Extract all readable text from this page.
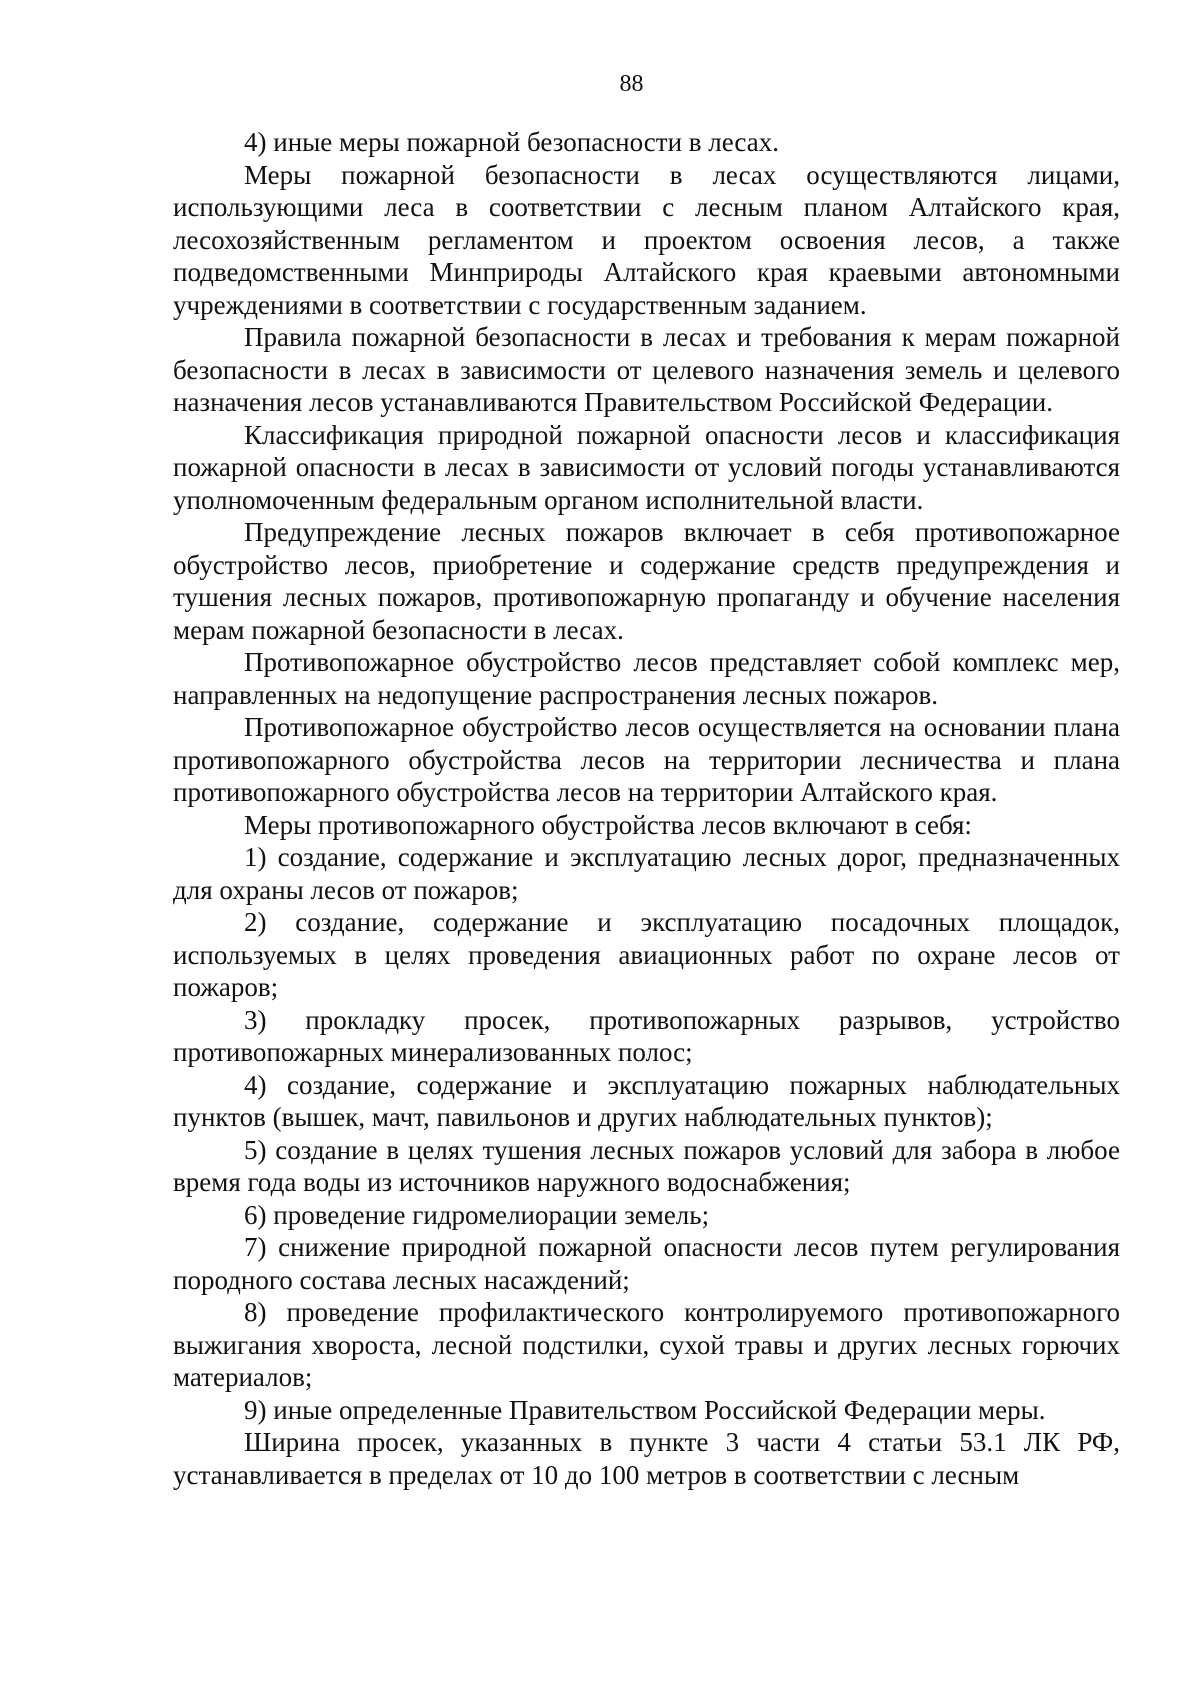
88

4) иные меры пожарной безопасности в лесах.

Меры пожарной безопасности в лесах осуществляются лицами, использующими леса в соответствии с лесным планом Алтайского края, лесохозяйственным регламентом и проектом освоения лесов, а также подведомственными Минприроды Алтайского края краевыми автономными учреждениями в соответствии с государственным заданием.

Правила пожарной безопасности в лесах и требования к мерам пожарной безопасности в лесах в зависимости от целевого назначения земель и целевого назначения лесов устанавливаются Правительством Российской Федерации.

Классификация природной пожарной опасности лесов и классификация пожарной опасности в лесах в зависимости от условий погоды устанавливаются уполномоченным федеральным органом исполнительной власти.

Предупреждение лесных пожаров включает в себя противопожарное обустройство лесов, приобретение и содержание средств предупреждения и тушения лесных пожаров, противопожарную пропаганду и обучение населения мерам пожарной безопасности в лесах.

Противопожарное обустройство лесов представляет собой комплекс мер, направленных на недопущение распространения лесных пожаров.

Противопожарное обустройство лесов осуществляется на основании плана противопожарного обустройства лесов на территории лесничества и плана противопожарного обустройства лесов на территории Алтайского края.

Меры противопожарного обустройства лесов включают в себя:

1) создание, содержание и эксплуатацию лесных дорог, предназначенных для охраны лесов от пожаров;

2) создание, содержание и эксплуатацию посадочных площадок, используемых в целях проведения авиационных работ по охране лесов от пожаров;

3) прокладку просек, противопожарных разрывов, устройство противопожарных минерализованных полос;

4) создание, содержание и эксплуатацию пожарных наблюдательных пунктов (вышек, мачт, павильонов и других наблюдательных пунктов);

5) создание в целях тушения лесных пожаров условий для забора в любое время года воды из источников наружного водоснабжения;

6) проведение гидромелиорации земель;

7) снижение природной пожарной опасности лесов путем регулирования породного состава лесных насаждений;

8) проведение профилактического контролируемого противопожарного выжигания хвороста, лесной подстилки, сухой травы и других лесных горючих материалов;

9) иные определенные Правительством Российской Федерации меры.

Ширина просек, указанных в пункте 3 части 4 статьи 53.1 ЛК РФ, устанавливается в пределах от 10 до 100 метров в соответствии с лесным
